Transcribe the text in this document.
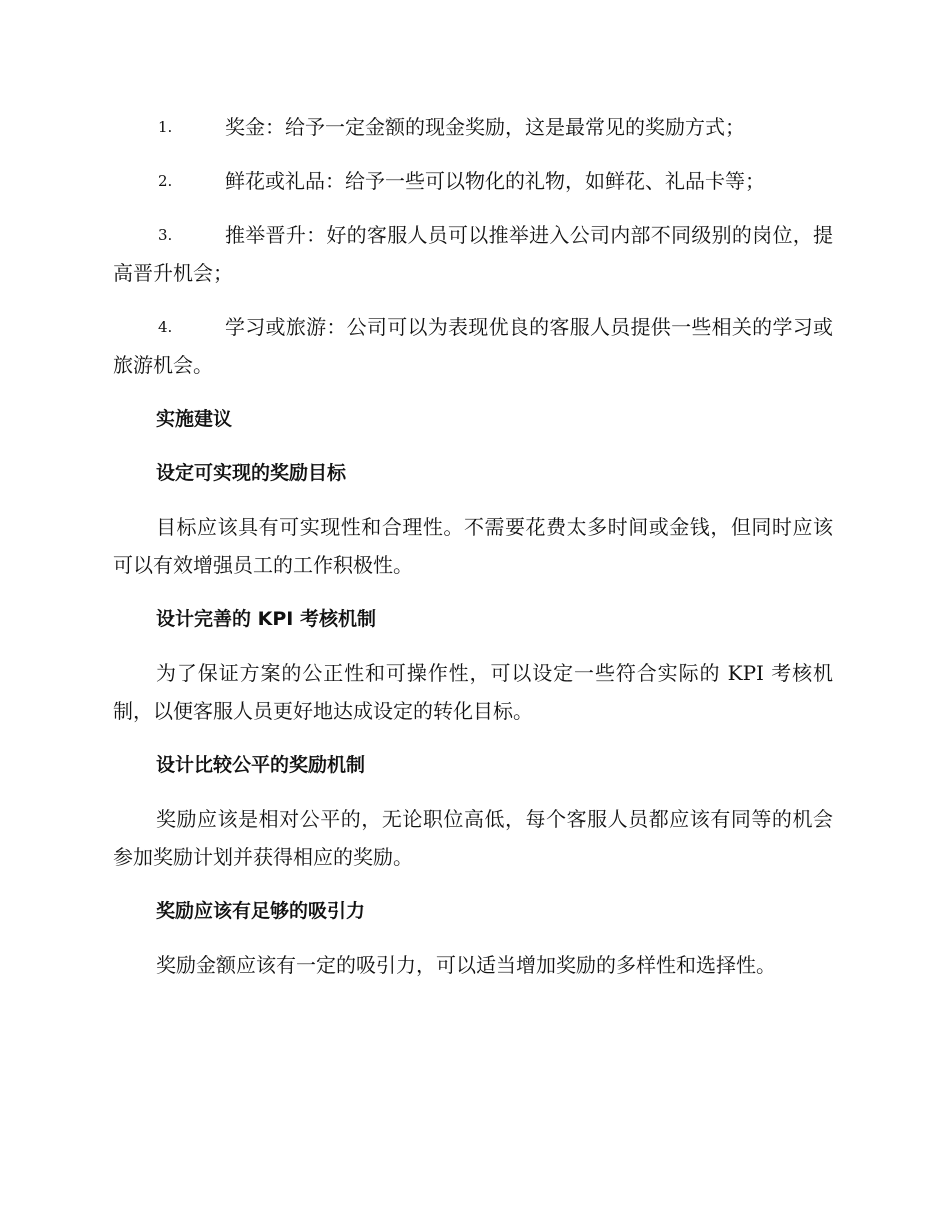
1.	奖金：给予一定金额的现金奖励，这是最常见的奖励方式；
2.	鲜花或礼品：给予一些可以物化的礼物，如鲜花、礼品卡等；
3.	推举晋升：好的客服人员可以推举进入公司内部不同级别的岗位，提高晋升机会；
4.	学习或旅游：公司可以为表现优良的客服人员提供一些相关的学习或旅游机会。
实施建议
设定可实现的奖励目标
目标应该具有可实现性和合理性。不需要花费太多时间或金钱，但同时应该可以有效增强员工的工作积极性。
设计完善的 KPI 考核机制
为了保证方案的公正性和可操作性，可以设定一些符合实际的 KPI 考核机制，以便客服人员更好地达成设定的转化目标。
设计比较公平的奖励机制
奖励应该是相对公平的，无论职位高低，每个客服人员都应该有同等的机会参加奖励计划并获得相应的奖励。
奖励应该有足够的吸引力
奖励金额应该有一定的吸引力，可以适当增加奖励的多样性和选择性。
